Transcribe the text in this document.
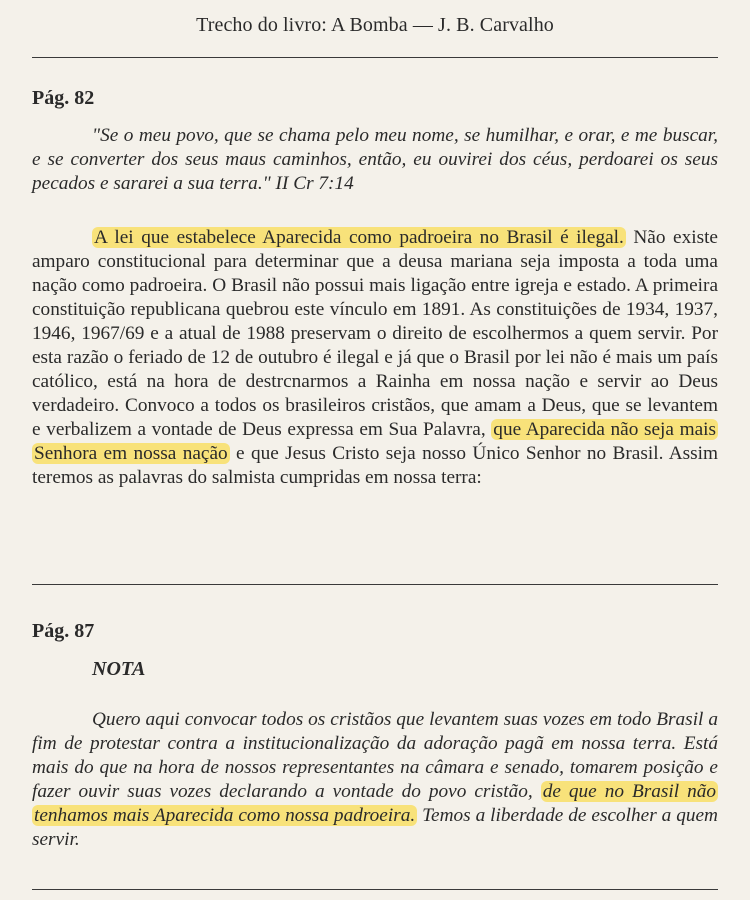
Trecho do livro: A Bomba — J. B. Carvalho
Pág. 82
"Se o meu povo, que se chama pelo meu nome, se humilhar, e orar, e me buscar, e se converter dos seus maus caminhos, então, eu ouvirei dos céus, perdoarei os seus pecados e sararei a sua terra." II Cr 7:14
A lei que estabelece Aparecida como padroeira no Brasil é ilegal. Não existe amparo constitucional para determinar que a deusa mariana seja imposta a toda uma nação como padroeira. O Brasil não possui mais ligação entre igreja e estado. A primeira constituição republicana quebrou este vínculo em 1891. As constituições de 1934, 1937, 1946, 1967/69 e a atual de 1988 preservam o direito de escolhermos a quem servir. Por esta razão o feriado de 12 de outubro é ilegal e já que o Brasil por lei não é mais um país católico, está na hora de destrcnarmos a Rainha em nossa nação e servir ao Deus verdadeiro. Convoco a todos os brasileiros cristãos, que amam a Deus, que se levantem e verbalizem a vontade de Deus expressa em Sua Palavra, que Aparecida não seja mais Senhora em nossa nação e que Jesus Cristo seja nosso Único Senhor no Brasil. Assim teremos as palavras do salmista cumpridas em nossa terra:
Pág. 87
NOTA
Quero aqui convocar todos os cristãos que levantem suas vozes em todo Brasil a fim de protestar contra a institucionalização da adoração pagã em nossa terra. Está mais do que na hora de nossos representantes na câmara e senado, tomarem posição e fazer ouvir suas vozes declarando a vontade do povo cristão, de que no Brasil não tenhamos mais Aparecida como nossa padroeira. Temos a liberdade de escolher a quem servir.
